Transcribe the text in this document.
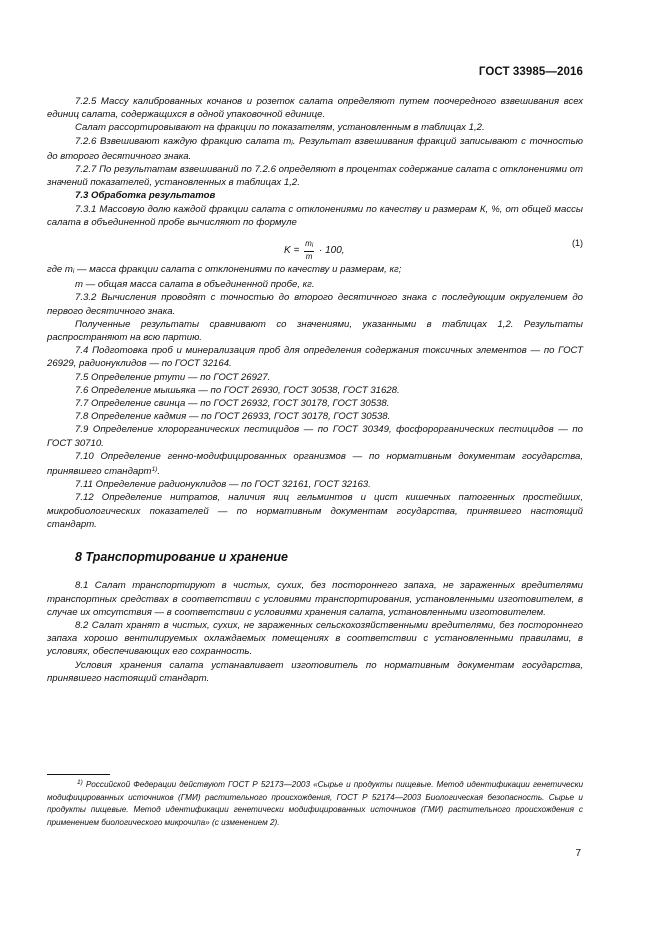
ГОСТ 33985—2016

7.2.5 Массу калиброванных кочанов и розеток салата определяют путем поочередного взвешивания всех единиц салата, содержащихся в одной упаковочной единице.

Салат рассортировывают на фракции по показателям, установленным в таблицах 1,2.

7.2.6 Взвешивают каждую фракцию салата $m_i$. Результат взвешивания фракций записывают с точностью до второго десятичного знака.

7.2.7 По результатам взвешиваний по 7.2.6 определяют в процентах содержание салата с отклонениями от значений показателей, установленных в таблицах 1,2.

7.3 Обработка результатов

7.3.1 Массовую долю каждой фракции салата с отклонениями по качеству и размерам К, %, от общей массы салата в объединенной пробе вычисляют по формуле

$K = \frac{m_i}{m} \cdot 100$,
(1)

где $m_i$ — масса фракции салата с отклонениями по качеству и размерам, кг;

m — общая масса салата в объединенной пробе, кг.

7.3.2 Вычисления проводят с точностью до второго десятичного знака с последующим округлением до первого десятичного знака.

Полученные результаты сравнивают со значениями, указанными в таблицах 1,2. Результаты распространяют на всю партию.

7.4 Подготовка проб и минерализация проб для определения содержания токсичных элементов — по ГОСТ 26929, радионуклидов — по ГОСТ 32164.

7.5 Определение ртути — по ГОСТ 26927.

7.6 Определение мышьяка — по ГОСТ 26930, ГОСТ 30538, ГОСТ 31628.

7.7 Определение свинца — по ГОСТ 26932, ГОСТ 30178, ГОСТ 30538.

7.8 Определение кадмия — по ГОСТ 26933, ГОСТ 30178, ГОСТ 30538.

7.9 Определение хлорорганических пестицидов — по ГОСТ 30349, фосфорорганических пестицидов — по ГОСТ 30710.

7.10 Определение генно-модифицированных организмов — по нормативным документам государства, принявшего стандарт$^{1)}$.

7.11 Определение радионуклидов — по ГОСТ 32161, ГОСТ 32163.

7.12 Определение нитратов, наличия яиц гельминтов и цист кишечных патогенных простейших, микробиологических показателей — по нормативным документам государства, принявшего настоящий стандарт.

8 Транспортирование и хранение

8.1 Салат транспортируют в чистых, сухих, без постороннего запаха, не зараженных вредителями транспортных средствах в соответствии с условиями транспортирования, установленными изготовителем, в случае их отсутствия — в соответствии с условиями хранения салата, установленными изготовителем.

8.2 Салат хранят в чистых, сухих, не зараженных сельскохозяйственными вредителями, без постороннего запаха хорошо вентилируемых охлаждаемых помещениях в соответствии с установленными правилами, в условиях, обеспечивающих его сохранность.

Условия хранения салата устанавливает изготовитель по нормативным документам государства, принявшего настоящий стандарт.

$^{1)}$ Российской Федерации действуют ГОСТ Р 52173—2003 «Сырье и продукты пищевые. Метод идентификации генетически модифицированных источников (ГМИ) растительного происхождения, ГОСТ Р 52174—2003 Биологическая безопасность. Сырье и продукты пищевые. Метод идентификации генетически модифицированных источников (ГМИ) растительного происхождения с применением биологического микрочипа» (с изменением 2).
7
